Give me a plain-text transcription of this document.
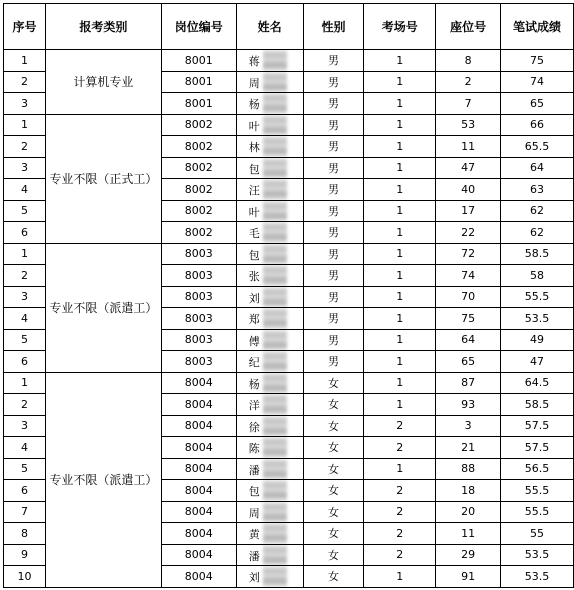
序号	报考类别	岗位编号	姓名	性别	考场号	座位号	笔试成绩
1	计算机专业	8001	蒋	男	1	8	75
2		8001	周	男	1	2	74
3		8001	杨	男	1	7	65
1	专业不限（正式工）	8002	叶	男	1	53	66
2		8002	林	男	1	11	65.5
3		8002	包	男	1	47	64
4		8002	汪	男	1	40	63
5		8002	叶	男	1	17	62
6		8002	毛	男	1	22	62
1	专业不限（派遣工）	8003	包	男	1	72	58.5
2		8003	张	男	1	74	58
3		8003	刘	男	1	70	55.5
4		8003	郑	男	1	75	53.5
5		8003	傅	男	1	64	49
6		8003	纪	男	1	65	47
1	专业不限（派遣工）	8004	杨	女	1	87	64.5
2		8004	洋	女	1	93	58.5
3		8004	徐	女	2	3	57.5
4		8004	陈	女	2	21	57.5
5		8004	潘	女	1	88	56.5
6		8004	包	女	2	18	55.5
7		8004	周	女	2	20	55.5
8		8004	黄	女	2	11	55
9		8004	潘	女	2	29	53.5
10		8004	刘	女	1	91	53.5
